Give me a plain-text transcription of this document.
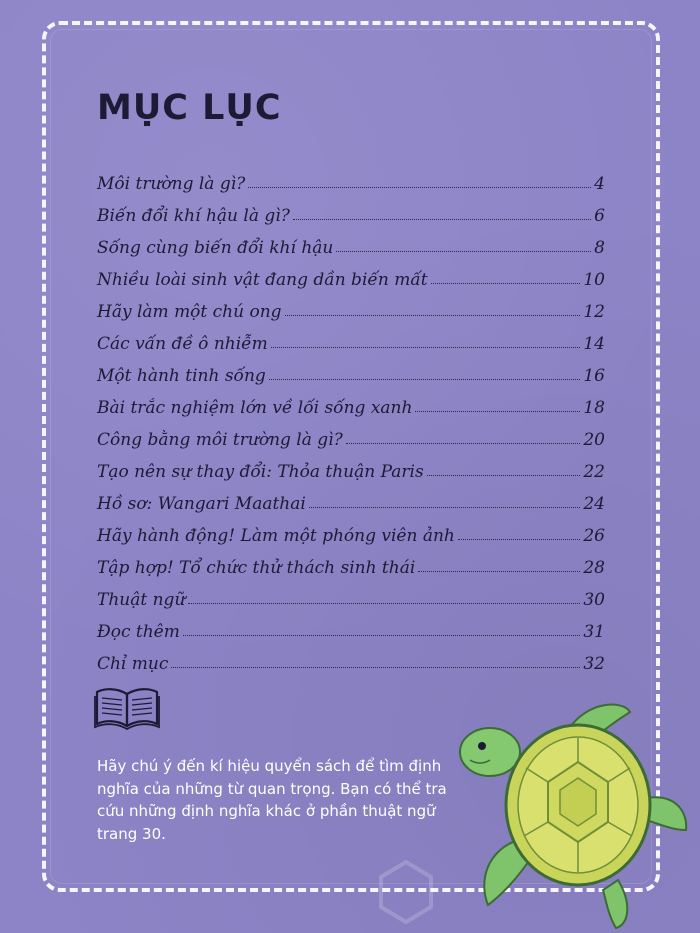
MỤC LỤC
Môi trường là gì?	4
Biến đổi khí hậu là gì?	6
Sống cùng biến đổi khí hậu	8
Nhiều loài sinh vật đang dần biến mất	10
Hãy làm một chú ong	12
Các vấn đề ô nhiễm	14
Một hành tinh sống	16
Bài trắc nghiệm lớn về lối sống xanh	18
Công bằng môi trường là gì?	20
Tạo nên sự thay đổi: Thỏa thuận Paris	22
Hồ sơ: Wangari Maathai	24
Hãy hành động! Làm một phóng viên ảnh	26
Tập hợp! Tổ chức thử thách sinh thái	28
Thuật ngữ	30
Đọc thêm	31
Chỉ mục	32

Hãy chú ý đến kí hiệu quyển sách để tìm định nghĩa của những từ quan trọng. Bạn có thể tra cứu những định nghĩa khác ở phần thuật ngữ trang 30.
